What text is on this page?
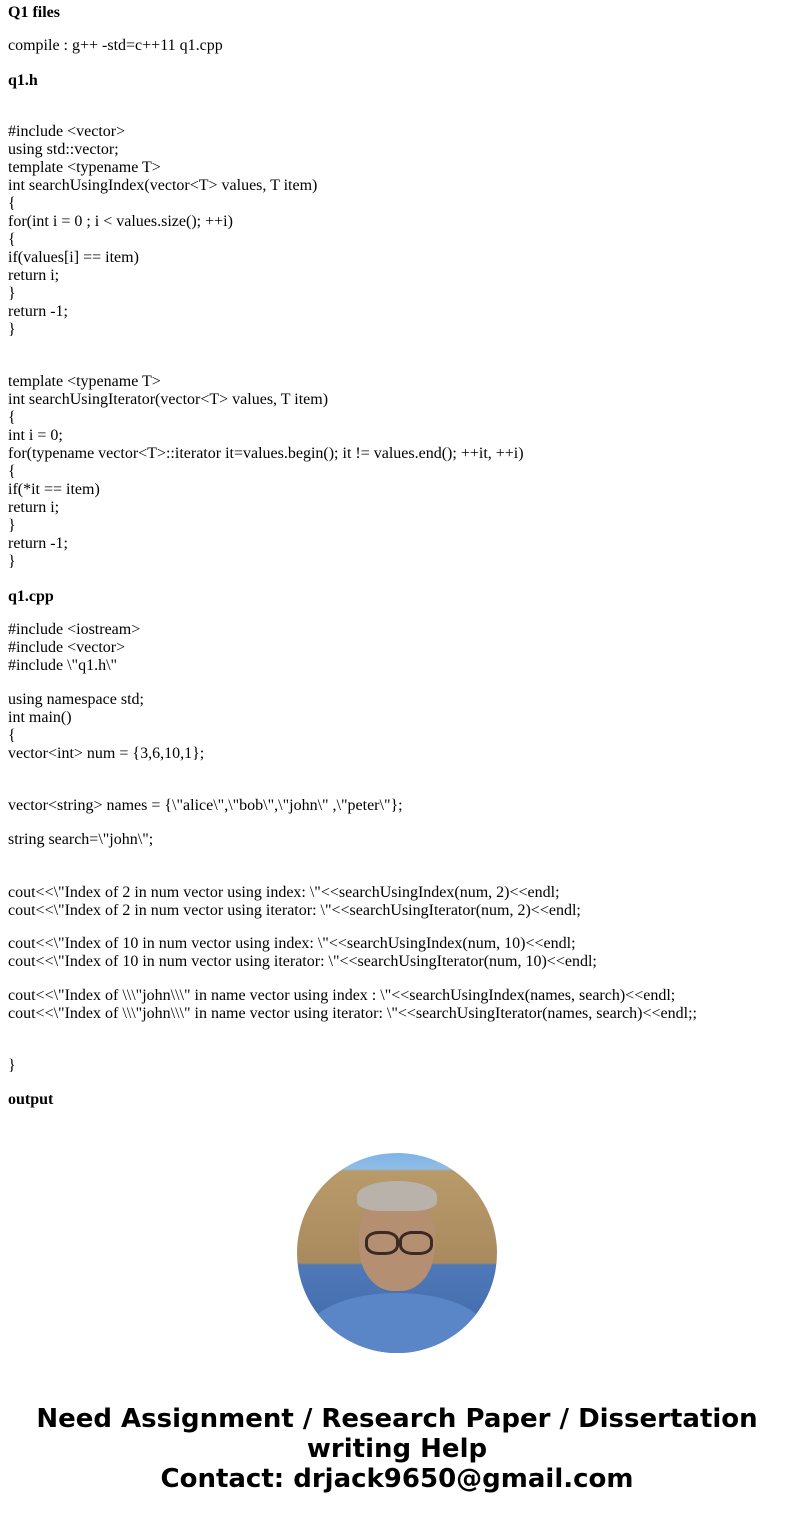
Q1 files
compile : g++ -std=c++11 q1.cpp
q1.h
#include <vector>
using std::vector;
template <typename T>
int searchUsingIndex(vector<T> values, T item)
{
for(int i = 0 ; i < values.size(); ++i)
{
if(values[i] == item)
return i;
}
return -1;
}
template <typename T>
int searchUsingIterator(vector<T> values, T item)
{
int i = 0;
for(typename vector<T>::iterator it=values.begin(); it != values.end(); ++it, ++i)
{
if(*it == item)
return i;
}
return -1;
}
q1.cpp
#include <iostream>
#include <vector>
#include \"q1.h\"
using namespace std;
int main()
{
vector<int> num = {3,6,10,1};
vector<string> names = {\"alice\",\"bob\",\"john\" ,\"peter\"};
string search=\"john\";
cout<<\"Index of 2 in num vector using index: \"<<searchUsingIndex(num, 2)<<endl;
cout<<\"Index of 2 in num vector using iterator: \"<<searchUsingIterator(num, 2)<<endl;
cout<<\"Index of 10 in num vector using index: \"<<searchUsingIndex(num, 10)<<endl;
cout<<\"Index of 10 in num vector using iterator: \"<<searchUsingIterator(num, 10)<<endl;
cout<<\"Index of \\\"john\\\" in name vector using index : \"<<searchUsingIndex(names, search)<<endl;
cout<<\"Index of \\\"john\\\" in name vector using iterator: \"<<searchUsingIterator(names, search)<<endl;;
}
output
Need Assignment / Research Paper / Dissertation
writing Help
Contact: drjack9650@gmail.com
